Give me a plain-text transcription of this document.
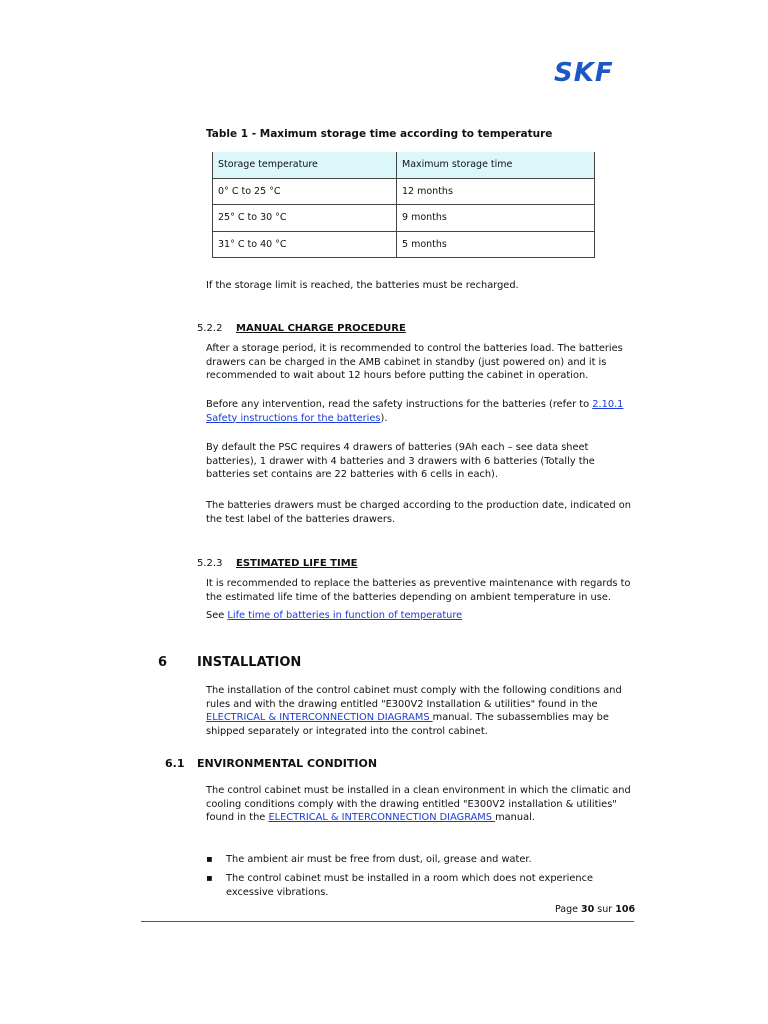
SKF
Table 1 - Maximum storage time according to temperature
Storage temperature	Maximum storage time
0° C to 25 °C	12 months
25° C to 30 °C	9 months
31° C to 40 °C	5 months
If the storage limit is reached, the batteries must be recharged.
5.2.2 MANUAL CHARGE PROCEDURE
After a storage period, it is recommended to control the batteries load. The batteries drawers can be charged in the AMB cabinet in standby (just powered on) and it is recommended to wait about 12 hours before putting the cabinet in operation.
Before any intervention, read the safety instructions for the batteries (refer to 2.10.1 Safety instructions for the batteries).
By default the PSC requires 4 drawers of batteries (9Ah each – see data sheet batteries), 1 drawer with 4 batteries and 3 drawers with 6 batteries (Totally the batteries set contains are 22 batteries with 6 cells in each).
The batteries drawers must be charged according to the production date, indicated on the test label of the batteries drawers.
5.2.3 ESTIMATED LIFE TIME
It is recommended to replace the batteries as preventive maintenance with regards to the estimated life time of the batteries depending on ambient temperature in use.
See Life time of batteries in function of temperature
6 INSTALLATION
The installation of the control cabinet must comply with the following conditions and rules and with the drawing entitled "E300V2 Installation & utilities" found in the ELECTRICAL & INTERCONNECTION DIAGRAMS manual. The subassemblies may be shipped separately or integrated into the control cabinet.
6.1 ENVIRONMENTAL CONDITION
The control cabinet must be installed in a clean environment in which the climatic and cooling conditions comply with the drawing entitled "E300V2 installation & utilities" found in the ELECTRICAL & INTERCONNECTION DIAGRAMS manual.
▪ The ambient air must be free from dust, oil, grease and water.
▪ The control cabinet must be installed in a room which does not experience excessive vibrations.
Page 30 sur 106
